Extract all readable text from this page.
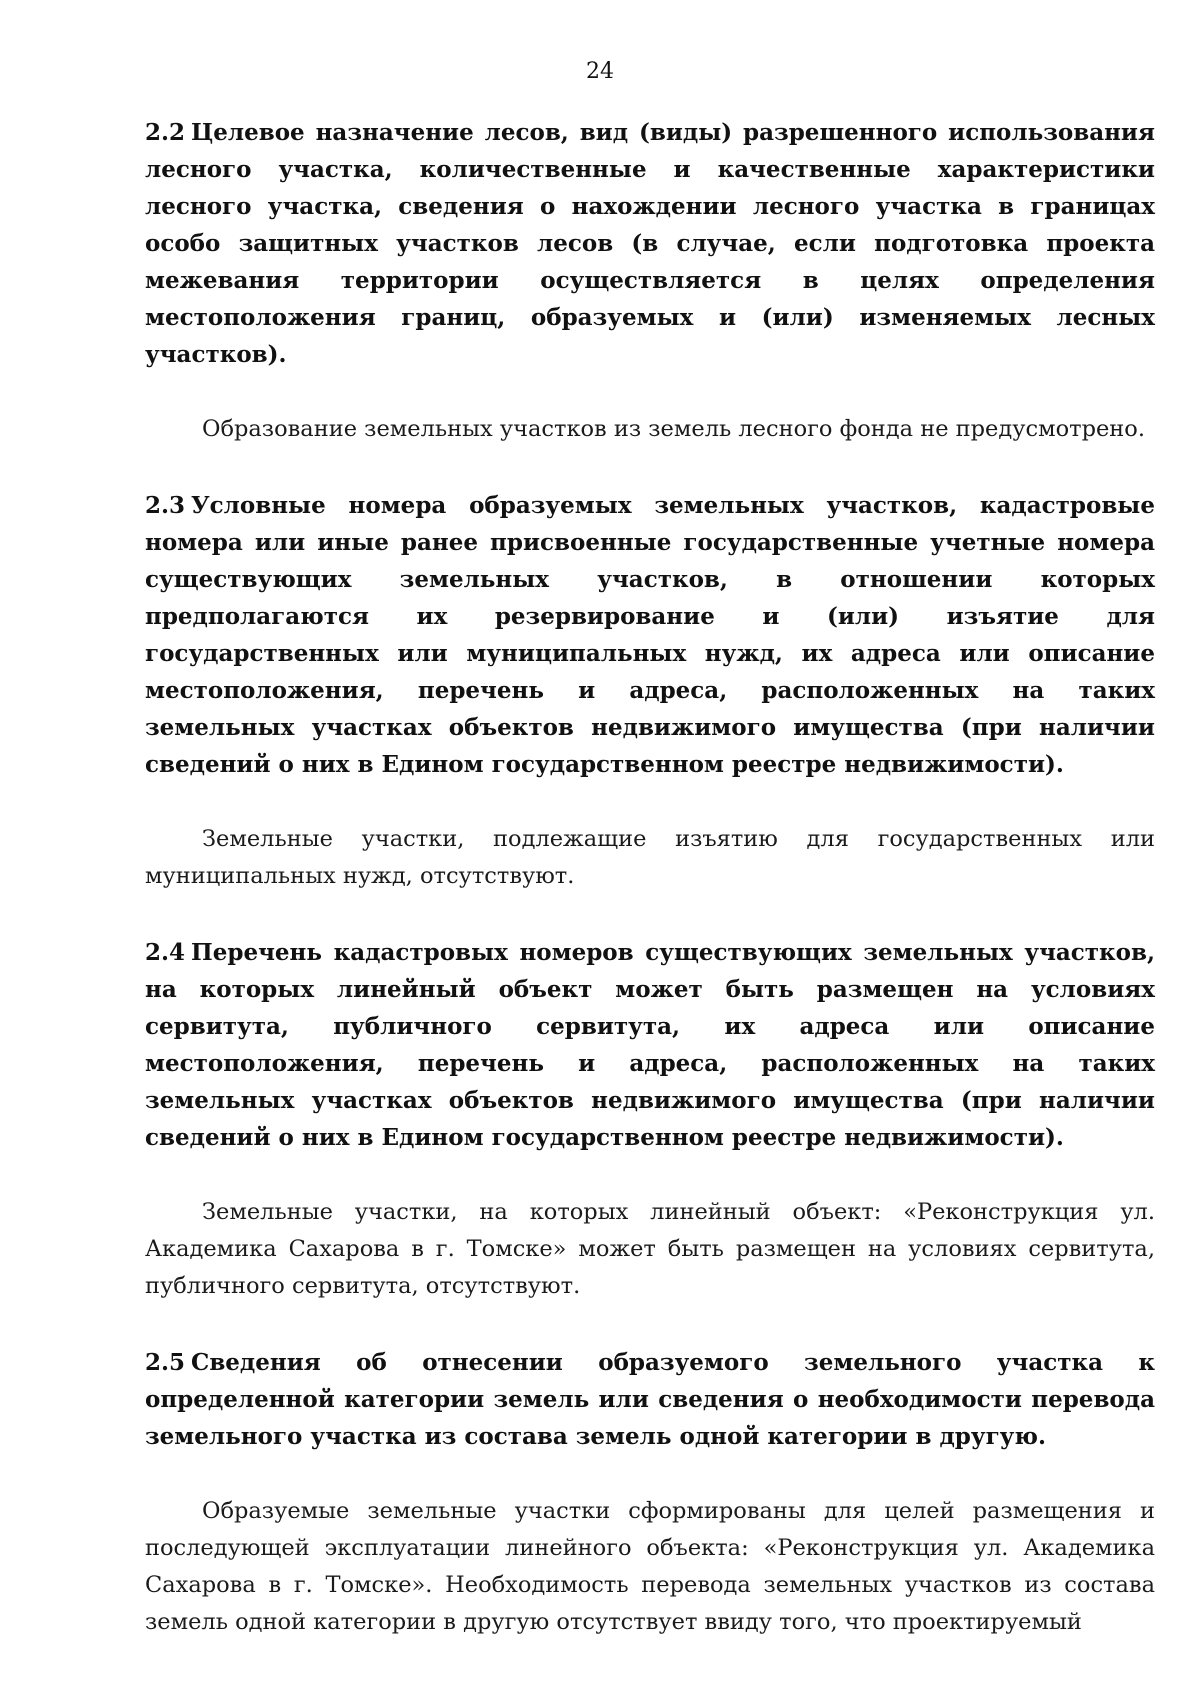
24

2.2 Целевое назначение лесов, вид (виды) разрешенного использования лесного участка, количественные и качественные характеристики лесного участка, сведения о нахождении лесного участка в границах особо защитных участков лесов (в случае, если подготовка проекта межевания территории осуществляется в целях определения местоположения границ, образуемых и (или) изменяемых лесных участков).

Образование земельных участков из земель лесного фонда не предусмотрено.

2.3 Условные номера образуемых земельных участков, кадастровые номера или иные ранее присвоенные государственные учетные номера существующих земельных участков, в отношении которых предполагаются их резервирование и (или) изъятие для государственных или муниципальных нужд, их адреса или описание местоположения, перечень и адреса, расположенных на таких земельных участках объектов недвижимого имущества (при наличии сведений о них в Едином государственном реестре недвижимости).

Земельные участки, подлежащие изъятию для государственных или муниципальных нужд, отсутствуют.

2.4 Перечень кадастровых номеров существующих земельных участков, на которых линейный объект может быть размещен на условиях сервитута, публичного сервитута, их адреса или описание местоположения, перечень и адреса, расположенных на таких земельных участках объектов недвижимого имущества (при наличии сведений о них в Едином государственном реестре недвижимости).

Земельные участки, на которых линейный объект: «Реконструкция ул. Академика Сахарова в г. Томске» может быть размещен на условиях сервитута, публичного сервитута, отсутствуют.

2.5 Сведения об отнесении образуемого земельного участка к определенной категории земель или сведения о необходимости перевода земельного участка из состава земель одной категории в другую.

Образуемые земельные участки сформированы для целей размещения и последующей эксплуатации линейного объекта: «Реконструкция ул. Академика Сахарова в г. Томске». Необходимость перевода земельных участков из состава земель одной категории в другую отсутствует ввиду того, что проектируемый
